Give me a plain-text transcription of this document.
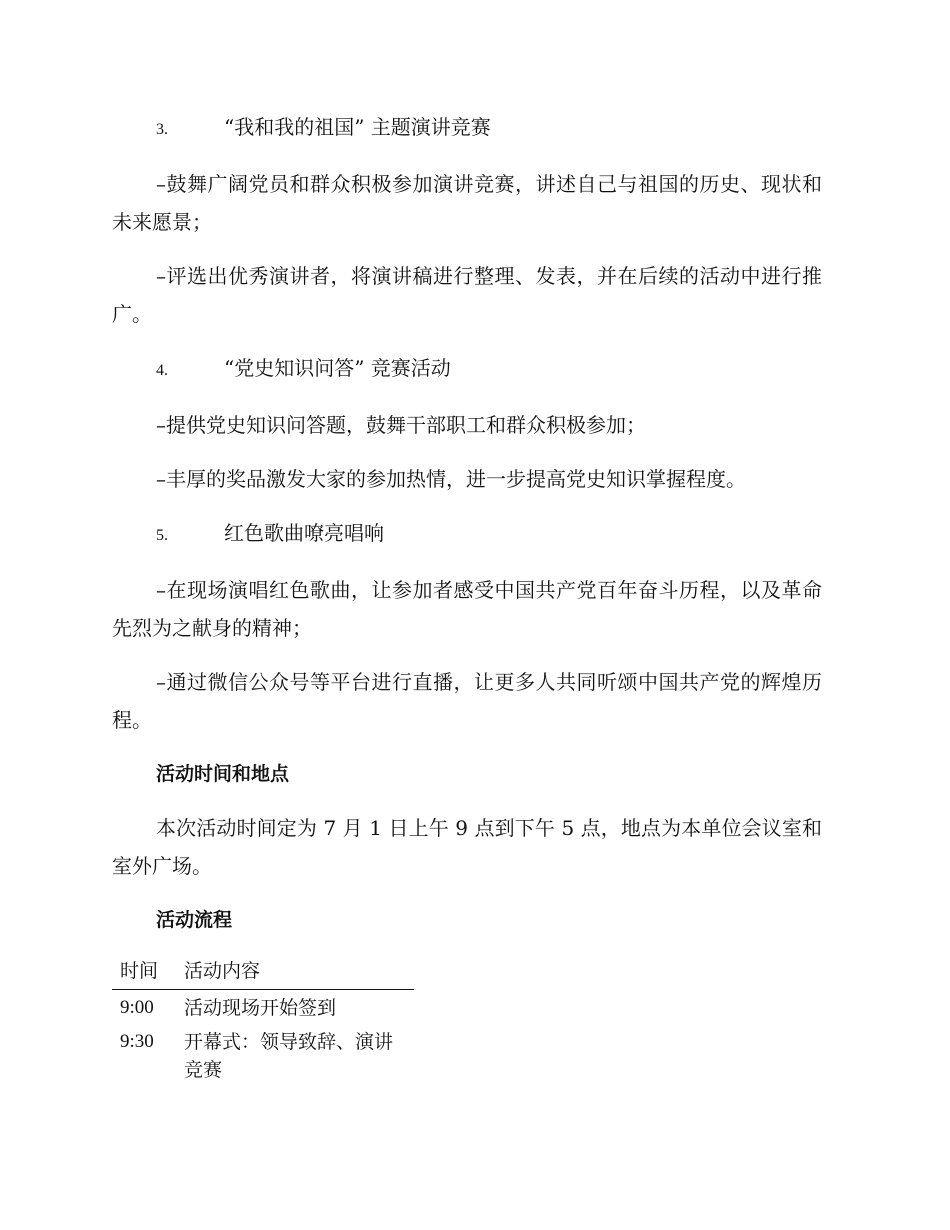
3.	“我和我的祖国” 主题演讲竞赛

–鼓舞广阔党员和群众积极参加演讲竞赛，讲述自己与祖国的历史、现状和未来愿景；

–评选出优秀演讲者，将演讲稿进行整理、发表，并在后续的活动中进行推广。

4.	“党史知识问答” 竞赛活动

–提供党史知识问答题，鼓舞干部职工和群众积极参加；

–丰厚的奖品激发大家的参加热情，进一步提高党史知识掌握程度。

5.	红色歌曲嘹亮唱响

–在现场演唱红色歌曲，让参加者感受中国共产党百年奋斗历程，以及革命先烈为之献身的精神；

–通过微信公众号等平台进行直播，让更多人共同听颂中国共产党的辉煌历程。

活动时间和地点

本次活动时间定为 7 月 1 日上午 9 点到下午 5 点，地点为本单位会议室和室外广场。

活动流程
时间	活动内容
9:00	活动现场开始签到
9:30	开幕式：领导致辞、演讲竞赛
